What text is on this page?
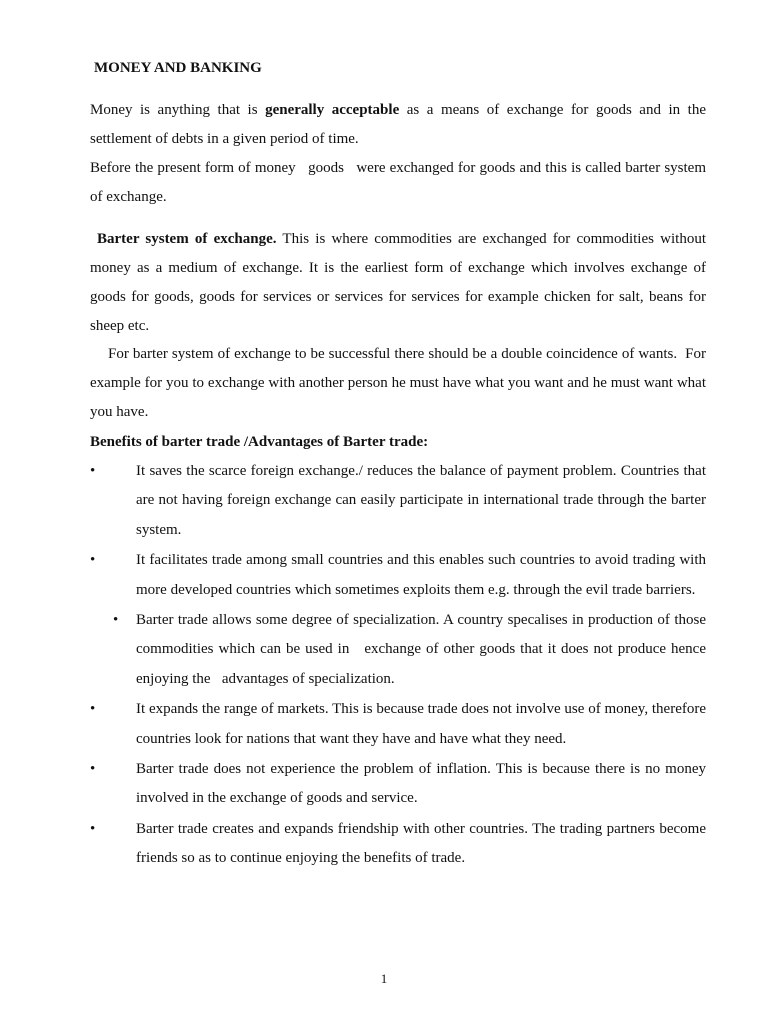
MONEY AND BANKING
Money is anything that is generally acceptable as a means of exchange for goods and in the settlement of debts in a given period of time.
Before the present form of money   goods   were exchanged for goods and this is called barter system of exchange.
Barter system of exchange. This is where commodities are exchanged for commodities without money as a medium of exchange. It is the earliest form of exchange which involves exchange of goods for goods, goods for services or services for services for example chicken for salt, beans for sheep etc.
For barter system of exchange to be successful there should be a double coincidence of wants.  For example for you to exchange with another person he must have what you want and he must want what you have.
Benefits of barter trade /Advantages of Barter trade:
•	It saves the scarce foreign exchange./ reduces the balance of payment problem. Countries that are not having foreign exchange can easily participate in international trade through the barter system.
•	It facilitates trade among small countries and this enables such countries to avoid trading with more developed countries which sometimes exploits them e.g. through the evil trade barriers.
•	Barter trade allows some degree of specialization. A country specalises in production of those commodities which can be used in   exchange of other goods that it does not produce hence enjoying the   advantages of specialization.
•	It expands the range of markets. This is because trade does not involve use of money, therefore countries look for nations that want they have and have what they need.
•	Barter trade does not experience the problem of inflation. This is because there is no money involved in the exchange of goods and service.
•	Barter trade creates and expands friendship with other countries. The trading partners become friends so as to continue enjoying the benefits of trade.
1
